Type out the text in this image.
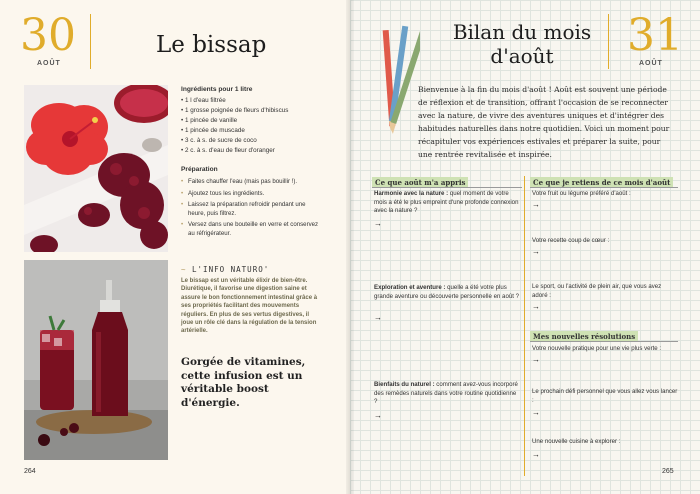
30
AOÛT
Le bissap
Ingrédients pour 1 litre
• 1 l d'eau filtrée
• 1 grosse poignée de fleurs d'hibiscus
• 1 pincée de vanille
• 1 pincée de muscade
• 3 c. à s. de sucre de coco
• 2 c. à s. d'eau de fleur d'oranger
Préparation
• Faites chauffer l'eau (mais pas bouillir !).
• Ajoutez tous les ingrédients.
• Laissez la préparation refroidir pendant une heure, puis filtrez.
• Versez dans une bouteille en verre et conservez au réfrigérateur.
~ L'INFO NATURO'
Le bissap est un véritable élixir de bien-être. Diurétique, il favorise une digestion saine et assure le bon fonctionnement intestinal grâce à ses propriétés facilitant des mouvements réguliers. En plus de ses vertus digestives, il joue un rôle clé dans la régulation de la tension artérielle.
Gorgée de vitamines, cette infusion est un véritable boost d'énergie.
264
Bilan du mois
d'août	31
AOÛT
Bienvenue à la fin du mois d'août ! Août est souvent une période de réflexion et de transition, offrant l'occasion de se reconnecter avec la nature, de vivre des aventures uniques et d'intégrer des habitudes naturelles dans notre quotidien. Voici un moment pour récapituler vos expériences estivales et préparer la suite, pour une rentrée revitalisée et inspirée.
Ce que août m'a appris	Ce que je retiens de ce mois d'août
Harmonie avec la nature : quel moment de votre mois a été le plus empreint d'une profonde connexion avec la nature ?
→
Exploration et aventure : quelle a été votre plus grande aventure ou découverte personnelle en août ?
→
Bienfaits du naturel : comment avez-vous incorporé des remèdes naturels dans votre routine quotidienne ?
→
Votre fruit ou légume préféré d'août :
→
Votre recette coup de cœur :
→
Le sport, ou l'activité de plein air, que vous avez adoré :
→
Mes nouvelles résolutions
Votre nouvelle pratique pour une vie plus verte :
→
Le prochain défi personnel que vous allez vous lancer :
→
Une nouvelle cuisine à explorer :
→
265
